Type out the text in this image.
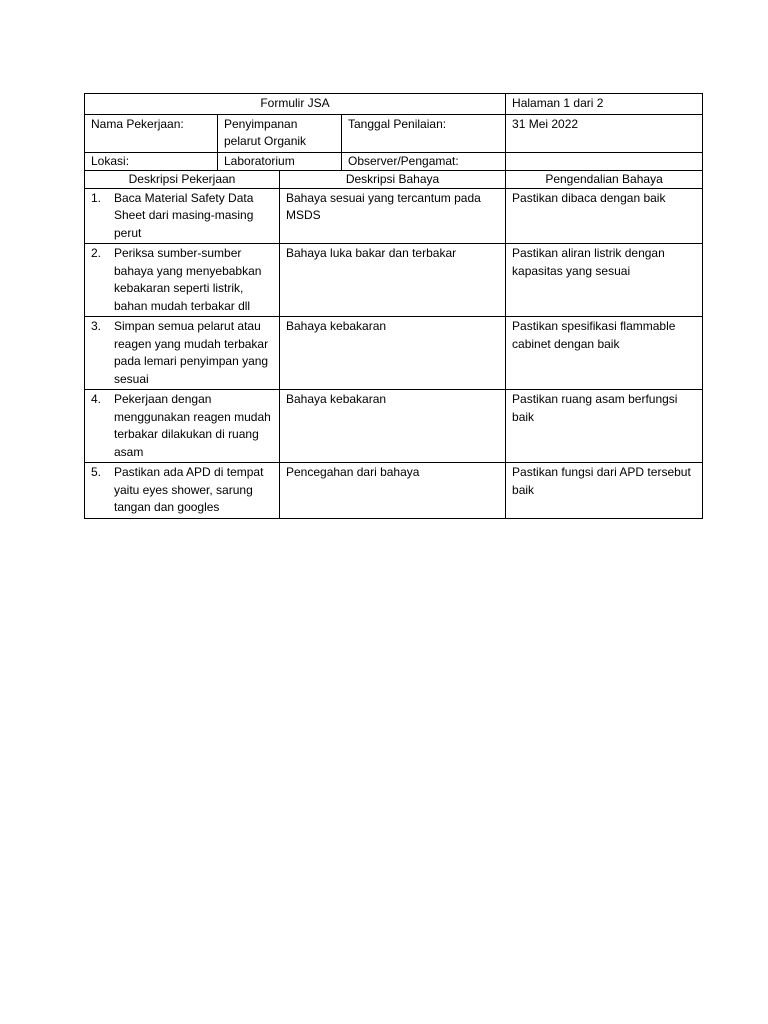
Formulir JSA				Halaman 1 dari 2
Nama Pekerjaan:	Penyimpanan pelarut Organik		Tanggal Penilaian:	31 Mei 2022
Lokasi:	Laboratorium		Observer/Pengamat:	
Deskripsi Pekerjaan		Deskripsi Bahaya		Pengendalian Bahaya

1. Baca Material Safety Data Sheet dari masing-masing perut		Bahaya sesuai yang tercantum pada MSDS		Pastikan dibaca dengan baik

2. Periksa sumber-sumber bahaya yang menyebabkan kebakaran seperti listrik, bahan mudah terbakar dll		Bahaya luka bakar dan terbakar		Pastikan aliran listrik dengan kapasitas yang sesuai

3. Simpan semua pelarut atau reagen yang mudah terbakar pada lemari penyimpan yang sesuai		Bahaya kebakaran		Pastikan spesifikasi flammable cabinet dengan baik

4. Pekerjaan dengan menggunakan reagen mudah terbakar dilakukan di ruang asam		Bahaya kebakaran		Pastikan ruang asam berfungsi baik

5. Pastikan ada APD di tempat yaitu eyes shower, sarung tangan dan googles		Pencegahan dari bahaya		Pastikan fungsi dari APD tersebut baik
